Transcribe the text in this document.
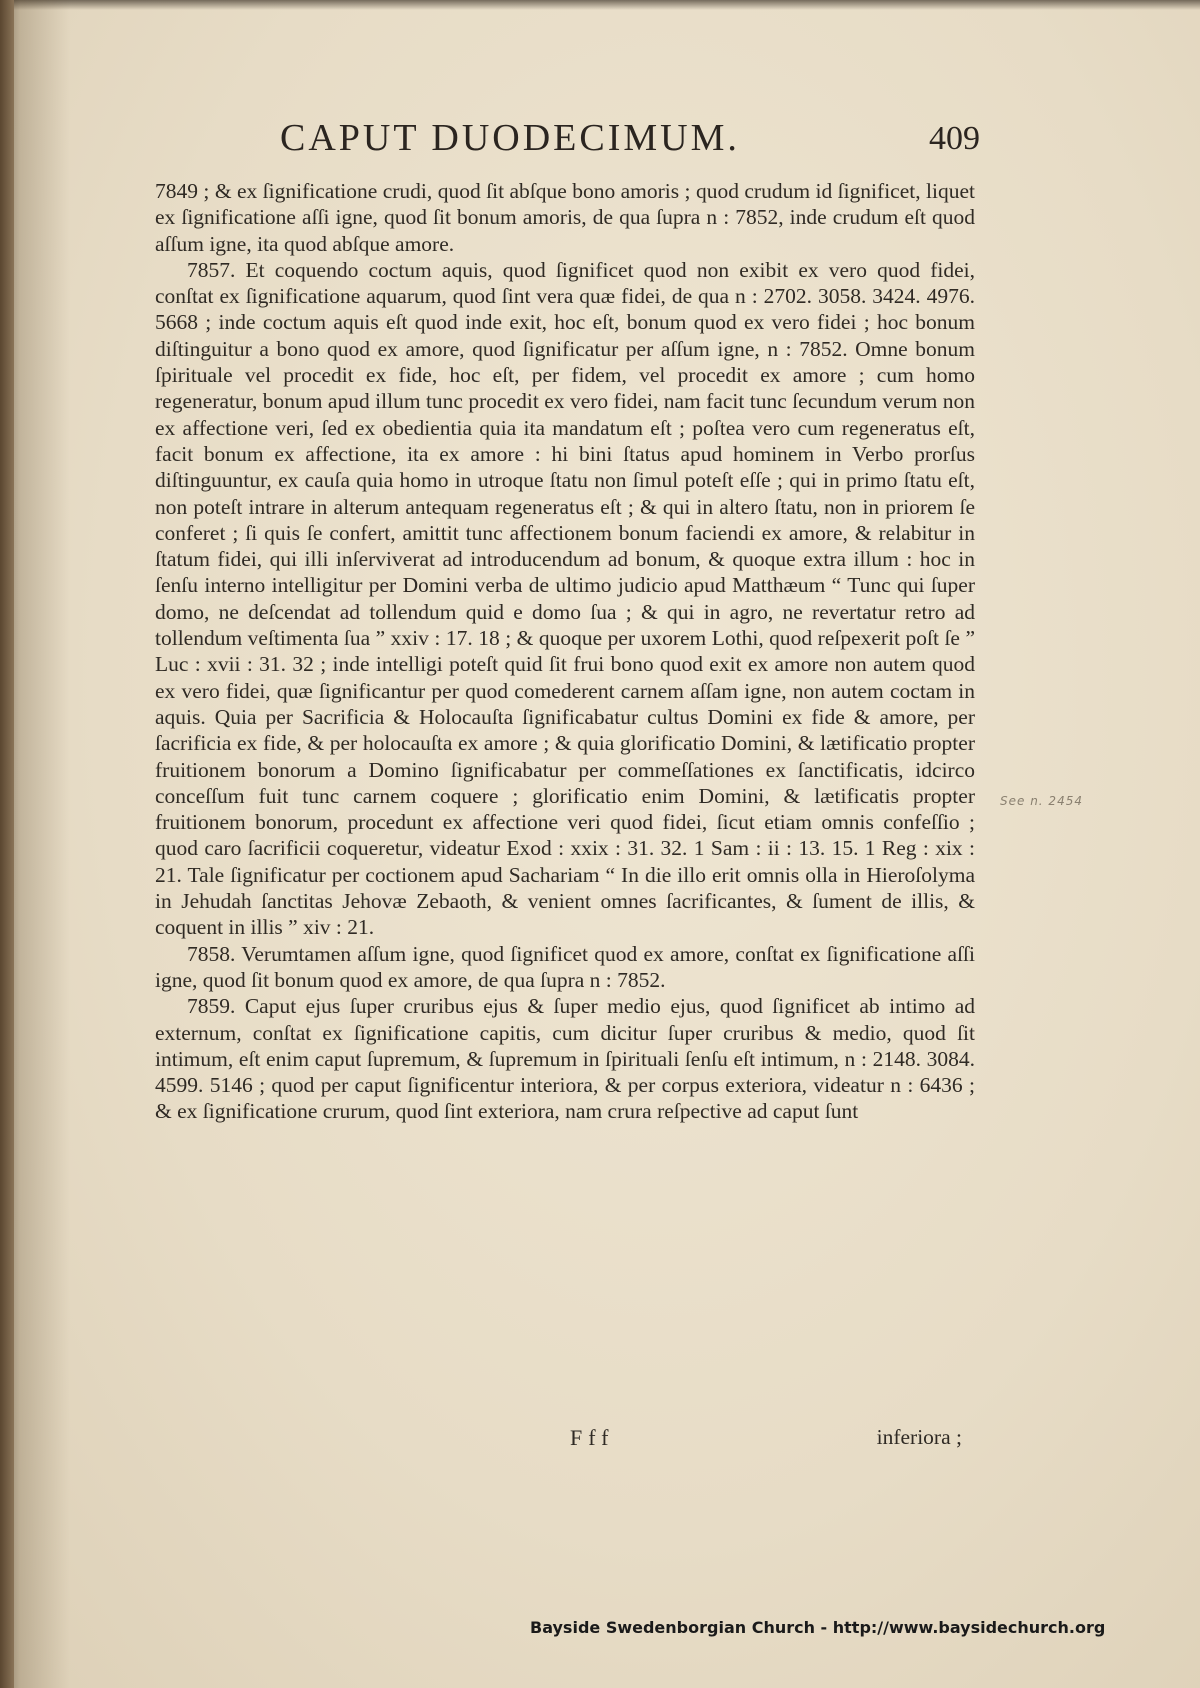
CAPUT DUODECIMUM.	409

7849 ; & ex ſignificatione crudi, quod ſit abſque bono amoris ; quod crudum id ſignificet, liquet ex ſignificatione aſſi igne, quod ſit bonum amoris, de qua ſupra n : 7852, inde crudum eſt quod aſſum igne, ita quod abſque amore.

7857. Et coquendo coctum aquis, quod ſignificet quod non exibit ex vero quod fidei, conſtat ex ſignificatione aquarum, quod ſint vera quæ fidei, de qua n : 2702. 3058. 3424. 4976. 5668 ; inde coctum aquis eſt quod inde exit, hoc eſt, bonum quod ex vero fidei ; hoc bonum diſtinguitur a bono quod ex amore, quod ſignificatur per aſſum igne, n : 7852. Omne bonum ſpirituale vel procedit ex fide, hoc eſt, per fidem, vel procedit ex amore ; cum homo regeneratur, bonum apud illum tunc procedit ex vero fidei, nam facit tunc ſecundum verum non ex affectione veri, ſed ex obedientia quia ita mandatum eſt ; poſtea vero cum regeneratus eſt, facit bonum ex affectione, ita ex amore : hi bini ſtatus apud hominem in Verbo prorſus diſtinguuntur, ex cauſa quia homo in utroque ſtatu non ſimul poteſt eſſe ; qui in primo ſtatu eſt, non poteſt intrare in alterum antequam regeneratus eſt ; & qui in altero ſtatu, non in priorem ſe conferet ; ſi quis ſe confert, amittit tunc affectionem bonum faciendi ex amore, & relabitur in ſtatum fidei, qui illi inſerviverat ad introducendum ad bonum, & quoque extra illum : hoc in ſenſu interno intelligitur per Domini verba de ultimo judicio apud Matthæum “ Tunc qui ſuper domo, ne deſcendat ad tollendum quid e domo ſua ; & qui in agro, ne revertatur retro ad tollendum veſtimenta ſua ” xxiv : 17. 18 ; & quoque per uxorem Lothi, quod reſpexerit poſt ſe ” Luc : xvii : 31. 32 ; inde intelligi poteſt quid ſit frui bono quod exit ex amore non autem quod ex vero fidei, quæ ſignificantur per quod comederent carnem aſſam igne, non autem coctam in aquis. Quia per Sacrificia & Holocauſta ſignificabatur cultus Domini ex fide & amore, per ſacrificia ex fide, & per holocauſta ex amore ; & quia glorificatio Domini, & lætificatio propter fruitionem bonorum a Domino ſignificabatur per commeſſationes ex ſanctificatis, idcirco conceſſum fuit tunc carnem coquere ; glorificatio enim Domini, & lætificatis propter fruitionem bonorum, procedunt ex affectione veri quod fidei, ſicut etiam omnis confeſſio ; quod caro ſacrificii coqueretur, videatur Exod : xxix : 31. 32. 1 Sam : ii : 13. 15. 1 Reg : xix : 21. Tale ſignificatur per coctionem apud Sachariam “ In die illo erit omnis olla in Hieroſolyma in Jehudah ſanctitas Jehovæ Zebaoth, & venient omnes ſacrificantes, & ſument de illis, & coquent in illis ” xiv : 21.

7858. Verumtamen aſſum igne, quod ſignificet quod ex amore, conſtat ex ſignificatione aſſi igne, quod ſit bonum quod ex amore, de qua ſupra n : 7852.

7859. Caput ejus ſuper cruribus ejus & ſuper medio ejus, quod ſignificet ab intimo ad externum, conſtat ex ſignificatione capitis, cum dicitur ſuper cruribus & medio, quod ſit intimum, eſt enim caput ſupremum, & ſupremum in ſpirituali ſenſu eſt intimum, n : 2148. 3084. 4599. 5146 ; quod per caput ſignificentur interiora, & per corpus exteriora, videatur n : 6436 ; & ex ſignificatione crurum, quod ſint exteriora, nam crura reſpective ad caput ſunt

See n. 2454
Fff	inferiora ;
Bayside Swedenborgian Church - http://www.baysidechurch.org
